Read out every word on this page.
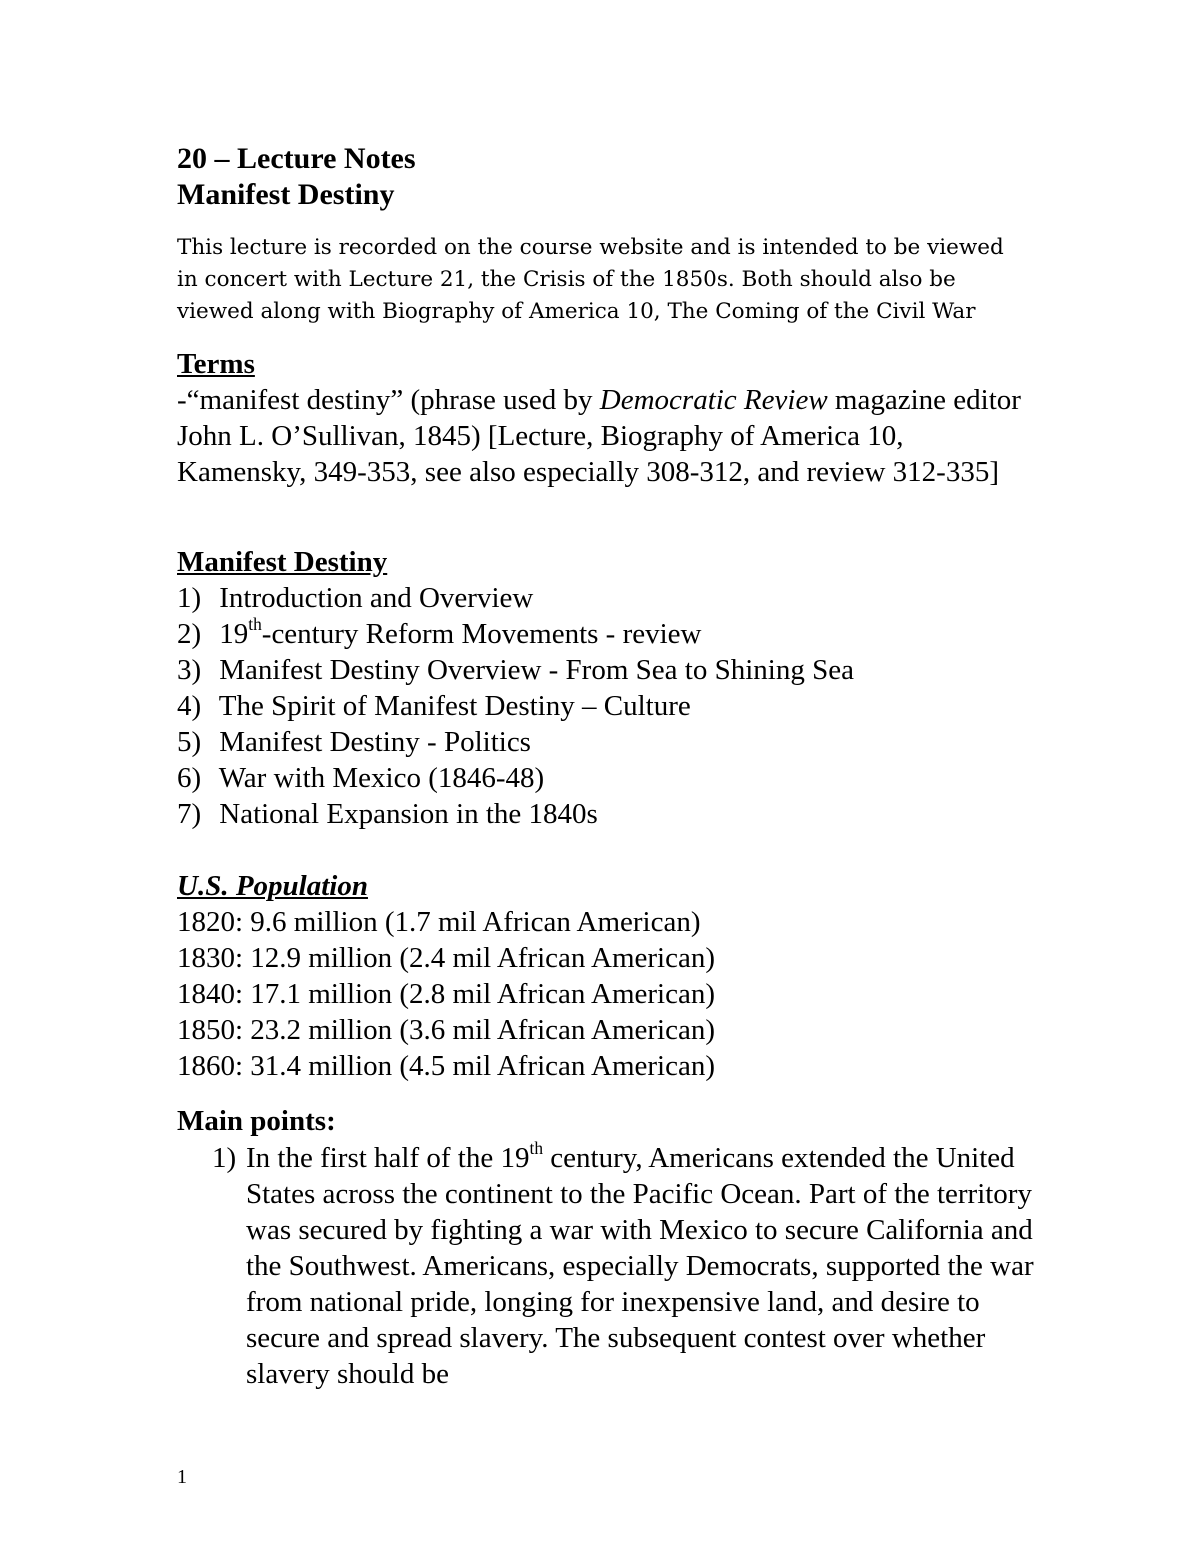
20 – Lecture Notes
Manifest Destiny
This lecture is recorded on the course website and is intended to be viewed in concert with Lecture 21, the Crisis of the 1850s. Both should also be viewed along with Biography of America 10, The Coming of the Civil War
Terms
-“manifest destiny” (phrase used by Democratic Review magazine editor John L. O’Sullivan, 1845) [Lecture, Biography of America 10, Kamensky, 349-353, see also especially 308-312, and review 312-335]
Manifest Destiny
1) Introduction and Overview
2) 19th-century Reform Movements - review
3) Manifest Destiny Overview - From Sea to Shining Sea
4) The Spirit of Manifest Destiny – Culture
5) Manifest Destiny - Politics
6) War with Mexico (1846-48)
7) National Expansion in the 1840s
U.S. Population
1820: 9.6 million (1.7 mil African American)
1830: 12.9 million (2.4 mil African American)
1840: 17.1 million (2.8 mil African American)
1850: 23.2 million (3.6 mil African American)
1860: 31.4 million (4.5 mil African American)
Main points:
1) In the first half of the 19th century, Americans extended the United States across the continent to the Pacific Ocean. Part of the territory was secured by fighting a war with Mexico to secure California and the Southwest. Americans, especially Democrats, supported the war from national pride, longing for inexpensive land, and desire to secure and spread slavery. The subsequent contest over whether slavery should be
1
